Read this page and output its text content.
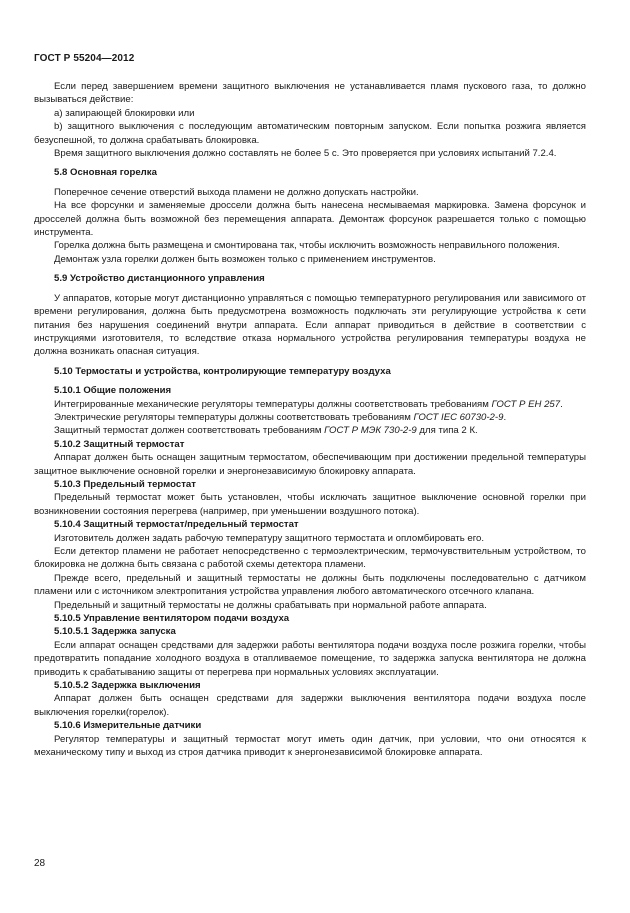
ГОСТ Р 55204—2012

Если перед завершением времени защитного выключения не устанавливается пламя пускового газа, то должно вызываться действие:

а) запирающей блокировки или

b) защитного выключения с последующим автоматическим повторным запуском. Если попытка розжига является безуспешной, то должна срабатывать блокировка.

Время защитного выключения должно составлять не более 5 с. Это проверяется при условиях испытаний 7.2.4.

5.8 Основная горелка

Поперечное сечение отверстий выхода пламени не должно допускать настройки.

На все форсунки и заменяемые дроссели должна быть нанесена несмываемая маркировка. Замена форсунок и дросселей должна быть возможной без перемещения аппарата. Демонтаж форсунок разрешается только с помощью инструмента.

Горелка должна быть размещена и смонтирована так, чтобы исключить возможность неправильного положения.

Демонтаж узла горелки должен быть возможен только с применением инструментов.

5.9 Устройство дистанционного управления

У аппаратов, которые могут дистанционно управляться с помощью температурного регулирования или зависимого от времени регулирования, должна быть предусмотрена возможность подключать эти регулирующие устройства к сети питания без нарушения соединений внутри аппарата. Если аппарат приводиться в действие в соответствии с инструкциями изготовителя, то вследствие отказа нормального устройства регулирования температуры воздуха не должна возникать опасная ситуация.

5.10 Термостаты и устройства, контролирующие температуру воздуха

5.10.1 Общие положения

Интегрированные механические регуляторы температуры должны соответствовать требованиям ГОСТ Р ЕН 257.

Электрические регуляторы температуры должны соответствовать требованиям ГОСТ IEC 60730-2-9.

Защитный термостат должен соответствовать требованиям ГОСТ Р МЭК 730-2-9 для типа 2 К.

5.10.2 Защитный термостат

Аппарат должен быть оснащен защитным термостатом, обеспечивающим при достижении предельной температуры защитное выключение основной горелки и энергонезависимую блокировку аппарата.

5.10.3 Предельный термостат

Предельный термостат может быть установлен, чтобы исключать защитное выключение основной горелки при возникновении состояния перегрева (например, при уменьшении воздушного потока).

5.10.4 Защитный термостат/предельный термостат

Изготовитель должен задать рабочую температуру защитного термостата и опломбировать его.

Если детектор пламени не работает непосредственно с термоэлектрическим, термочувствительным устройством, то блокировка не должна быть связана с работой схемы детектора пламени.

Прежде всего, предельный и защитный термостаты не должны быть подключены последовательно с датчиком пламени или с источником электропитания устройства управления любого автоматического отсечного клапана.

Предельный и защитный термостаты не должны срабатывать при нормальной работе аппарата.

5.10.5 Управление вентилятором подачи воздуха

5.10.5.1 Задержка запуска

Если аппарат оснащен средствами для задержки работы вентилятора подачи воздуха после розжига горелки, чтобы предотвратить попадание холодного воздуха в отапливаемое помещение, то задержка запуска вентилятора не должна приводить к срабатыванию защиты от перегрева при нормальных условиях эксплуатации.

5.10.5.2 Задержка выключения

Аппарат должен быть оснащен средствами для задержки выключения вентилятора подачи воздуха после выключения горелки(горелок).

5.10.6 Измерительные датчики

Регулятор температуры и защитный термостат могут иметь один датчик, при условии, что они относятся к механическому типу и выход из строя датчика приводит к энергонезависимой блокировке аппарата.

28
